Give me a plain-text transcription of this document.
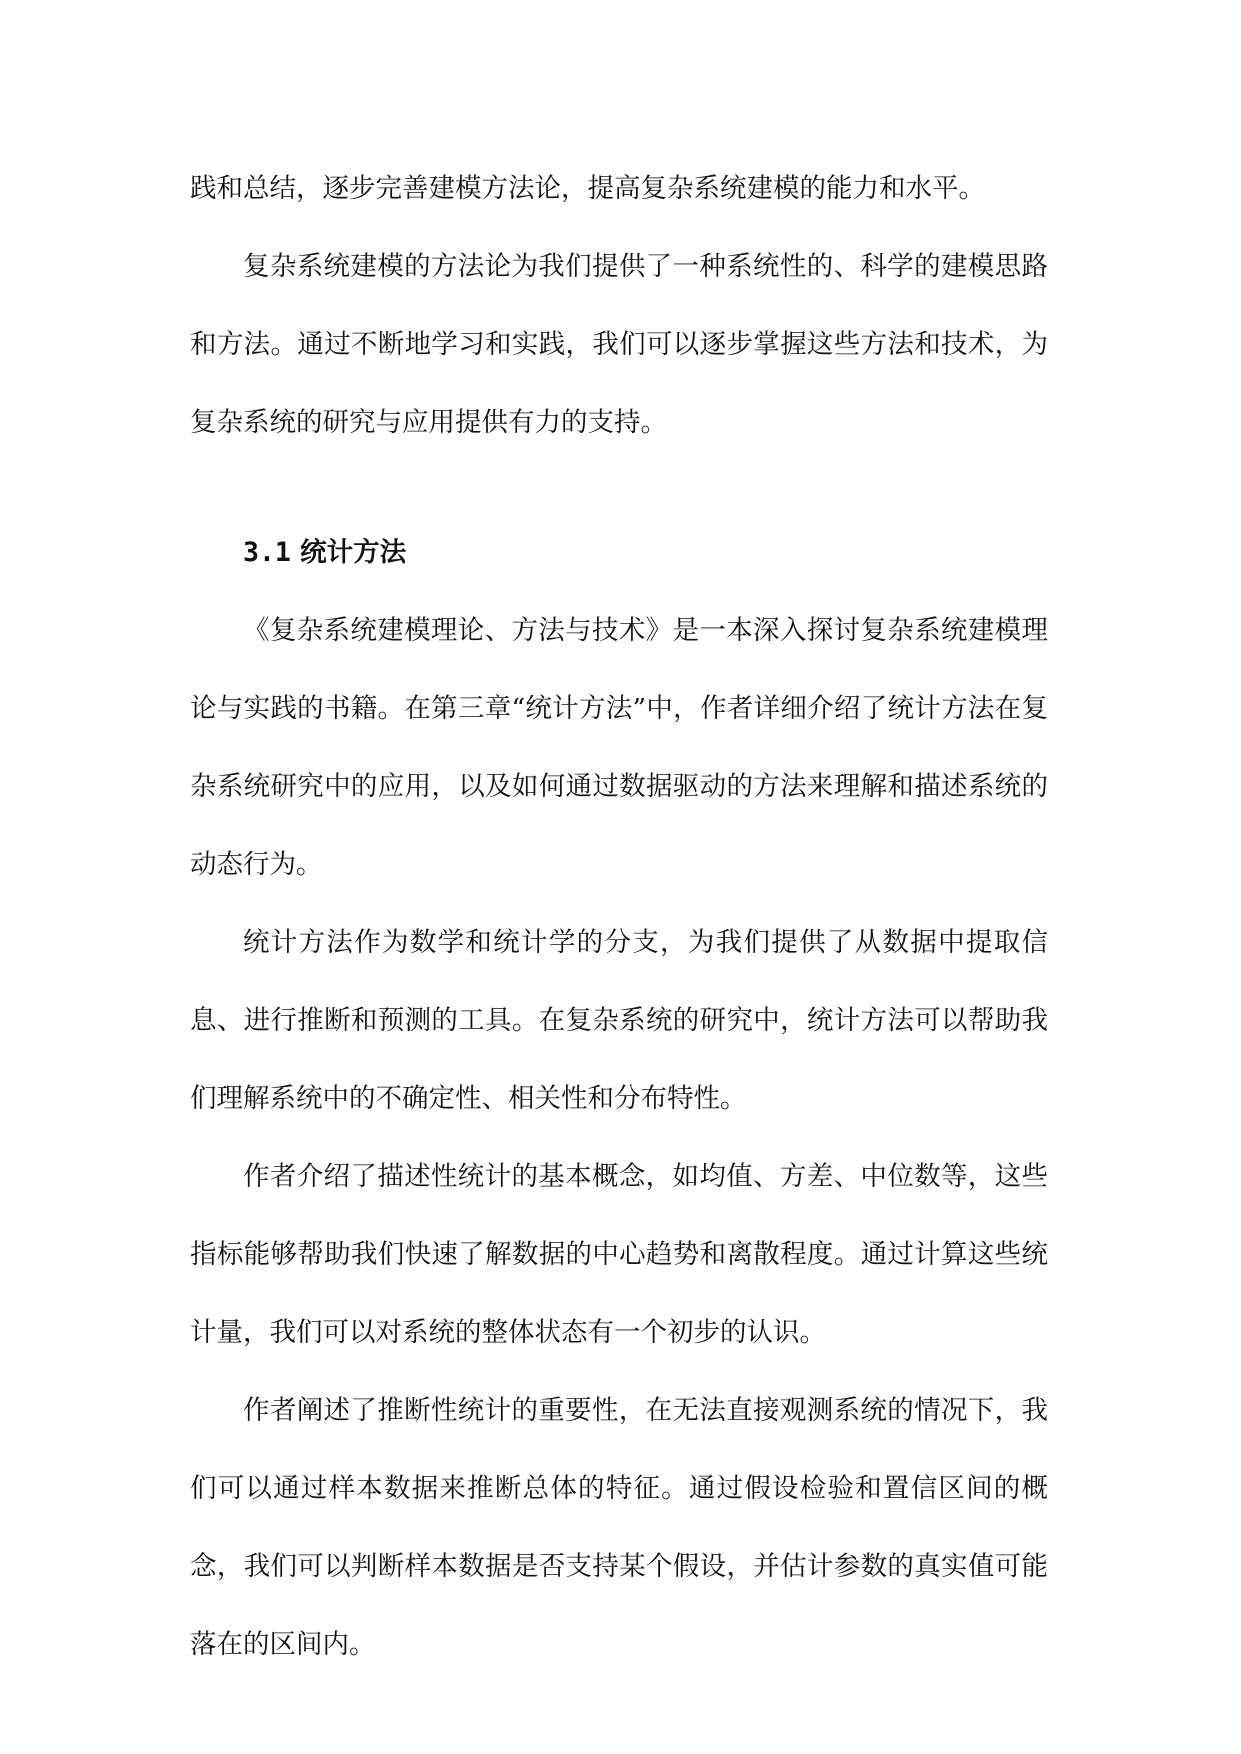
践和总结，逐步完善建模方法论，提高复杂系统建模的能力和水平。

复杂系统建模的方法论为我们提供了一种系统性的、科学的建模思路和方法。通过不断地学习和实践，我们可以逐步掌握这些方法和技术，为复杂系统的研究与应用提供有力的支持。

3.1 统计方法

《复杂系统建模理论、方法与技术》是一本深入探讨复杂系统建模理论与实践的书籍。在第三章“统计方法”中，作者详细介绍了统计方法在复杂系统研究中的应用，以及如何通过数据驱动的方法来理解和描述系统的动态行为。

统计方法作为数学和统计学的分支，为我们提供了从数据中提取信息、进行推断和预测的工具。在复杂系统的研究中，统计方法可以帮助我们理解系统中的不确定性、相关性和分布特性。

作者介绍了描述性统计的基本概念，如均值、方差、中位数等，这些指标能够帮助我们快速了解数据的中心趋势和离散程度。通过计算这些统计量，我们可以对系统的整体状态有一个初步的认识。

作者阐述了推断性统计的重要性，在无法直接观测系统的情况下，我们可以通过样本数据来推断总体的特征。通过假设检验和置信区间的概念，我们可以判断样本数据是否支持某个假设，并估计参数的真实值可能落在的区间内。
